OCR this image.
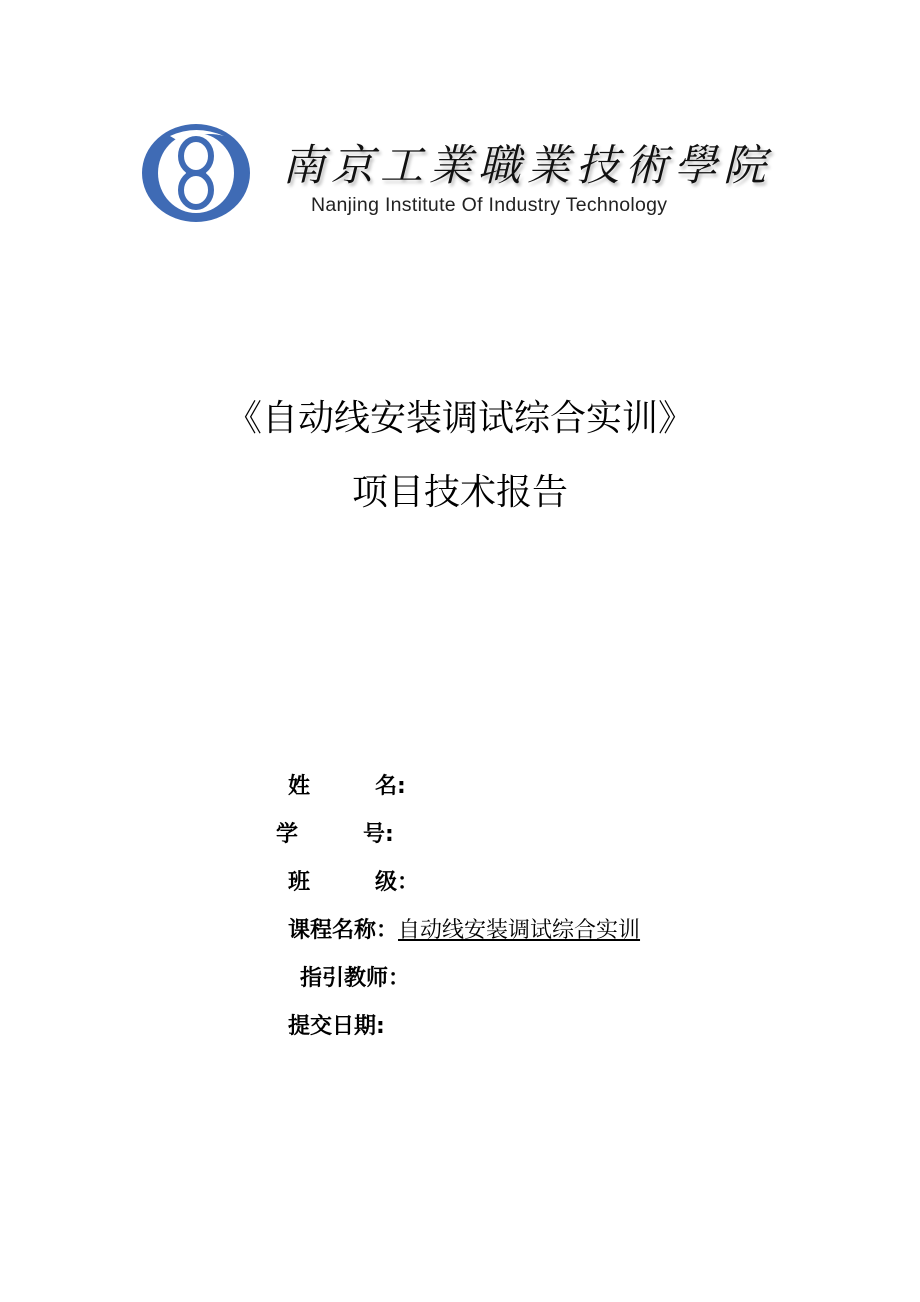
南京工業職業技術學院
Nanjing Institute Of Industry Technology
《自动线安装调试综合实训》
项目技术报告
姓	名:
学	号:
班	级：
课程名称：自动线安装调试综合实训
指引教师：
提交日期:
